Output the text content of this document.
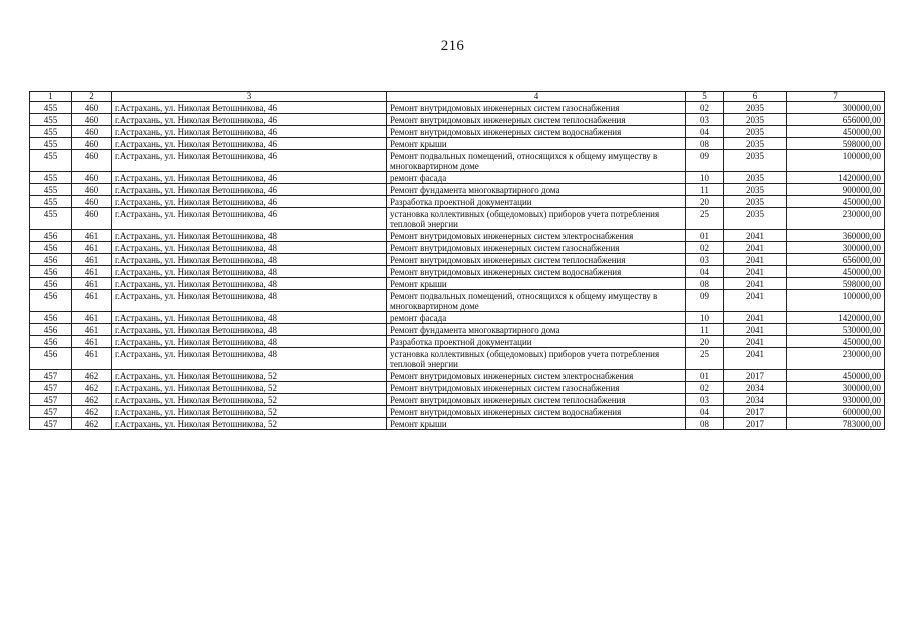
216
1	2	3	4	5	6	7
455	460	г.Астрахань, ул. Николая Ветошникова, 46	Ремонт внутридомовых инженерных систем газоснабжения	02	2035	300000,00
455	460	г.Астрахань, ул. Николая Ветошникова, 46	Ремонт внутридомовых инженерных систем теплоснабжения	03	2035	656000,00
455	460	г.Астрахань, ул. Николая Ветошникова, 46	Ремонт внутридомовых инженерных систем водоснабжения	04	2035	450000,00
455	460	г.Астрахань, ул. Николая Ветошникова, 46	Ремонт крыши	08	2035	598000,00
455	460	г.Астрахань, ул. Николая Ветошникова, 46	Ремонт подвальных помещений, относящихся к общему имуществу в многоквартирном доме	09	2035	100000,00
455	460	г.Астрахань, ул. Николая Ветошникова, 46	ремонт фасада	10	2035	1420000,00
455	460	г.Астрахань, ул. Николая Ветошникова, 46	Ремонт фундамента многоквартирного дома	11	2035	900000,00
455	460	г.Астрахань, ул. Николая Ветошникова, 46	Разработка проектной документации	20	2035	450000,00
455	460	г.Астрахань, ул. Николая Ветошникова, 46	установка коллективных (общедомовых) приборов учета потребления тепловой энергии	25	2035	230000,00
456	461	г.Астрахань, ул. Николая Ветошникова, 48	Ремонт внутридомовых инженерных систем электроснабжения	01	2041	360000,00
456	461	г.Астрахань, ул. Николая Ветошникова, 48	Ремонт внутридомовых инженерных систем газоснабжения	02	2041	300000,00
456	461	г.Астрахань, ул. Николая Ветошникова, 48	Ремонт внутридомовых инженерных систем теплоснабжения	03	2041	656000,00
456	461	г.Астрахань, ул. Николая Ветошникова, 48	Ремонт внутридомовых инженерных систем водоснабжения	04	2041	450000,00
456	461	г.Астрахань, ул. Николая Ветошникова, 48	Ремонт крыши	08	2041	598000,00
456	461	г.Астрахань, ул. Николая Ветошникова, 48	Ремонт подвальных помещений, относящихся к общему имуществу в многоквартирном доме	09	2041	100000,00
456	461	г.Астрахань, ул. Николая Ветошникова, 48	ремонт фасада	10	2041	1420000,00
456	461	г.Астрахань, ул. Николая Ветошникова, 48	Ремонт фундамента многоквартирного дома	11	2041	530000,00
456	461	г.Астрахань, ул. Николая Ветошникова, 48	Разработка проектной документации	20	2041	450000,00
456	461	г.Астрахань, ул. Николая Ветошникова, 48	установка коллективных (общедомовых) приборов учета потребления тепловой энергии	25	2041	230000,00
457	462	г.Астрахань, ул. Николая Ветошникова, 52	Ремонт внутридомовых инженерных систем электроснабжения	01	2017	450000,00
457	462	г.Астрахань, ул. Николая Ветошникова, 52	Ремонт внутридомовых инженерных систем газоснабжения	02	2034	300000,00
457	462	г.Астрахань, ул. Николая Ветошникова, 52	Ремонт внутридомовых инженерных систем теплоснабжения	03	2034	930000,00
457	462	г.Астрахань, ул. Николая Ветошникова, 52	Ремонт внутридомовых инженерных систем водоснабжения	04	2017	600000,00
457	462	г.Астрахань, ул. Николая Ветошникова, 52	Ремонт крыши	08	2017	783000,00
